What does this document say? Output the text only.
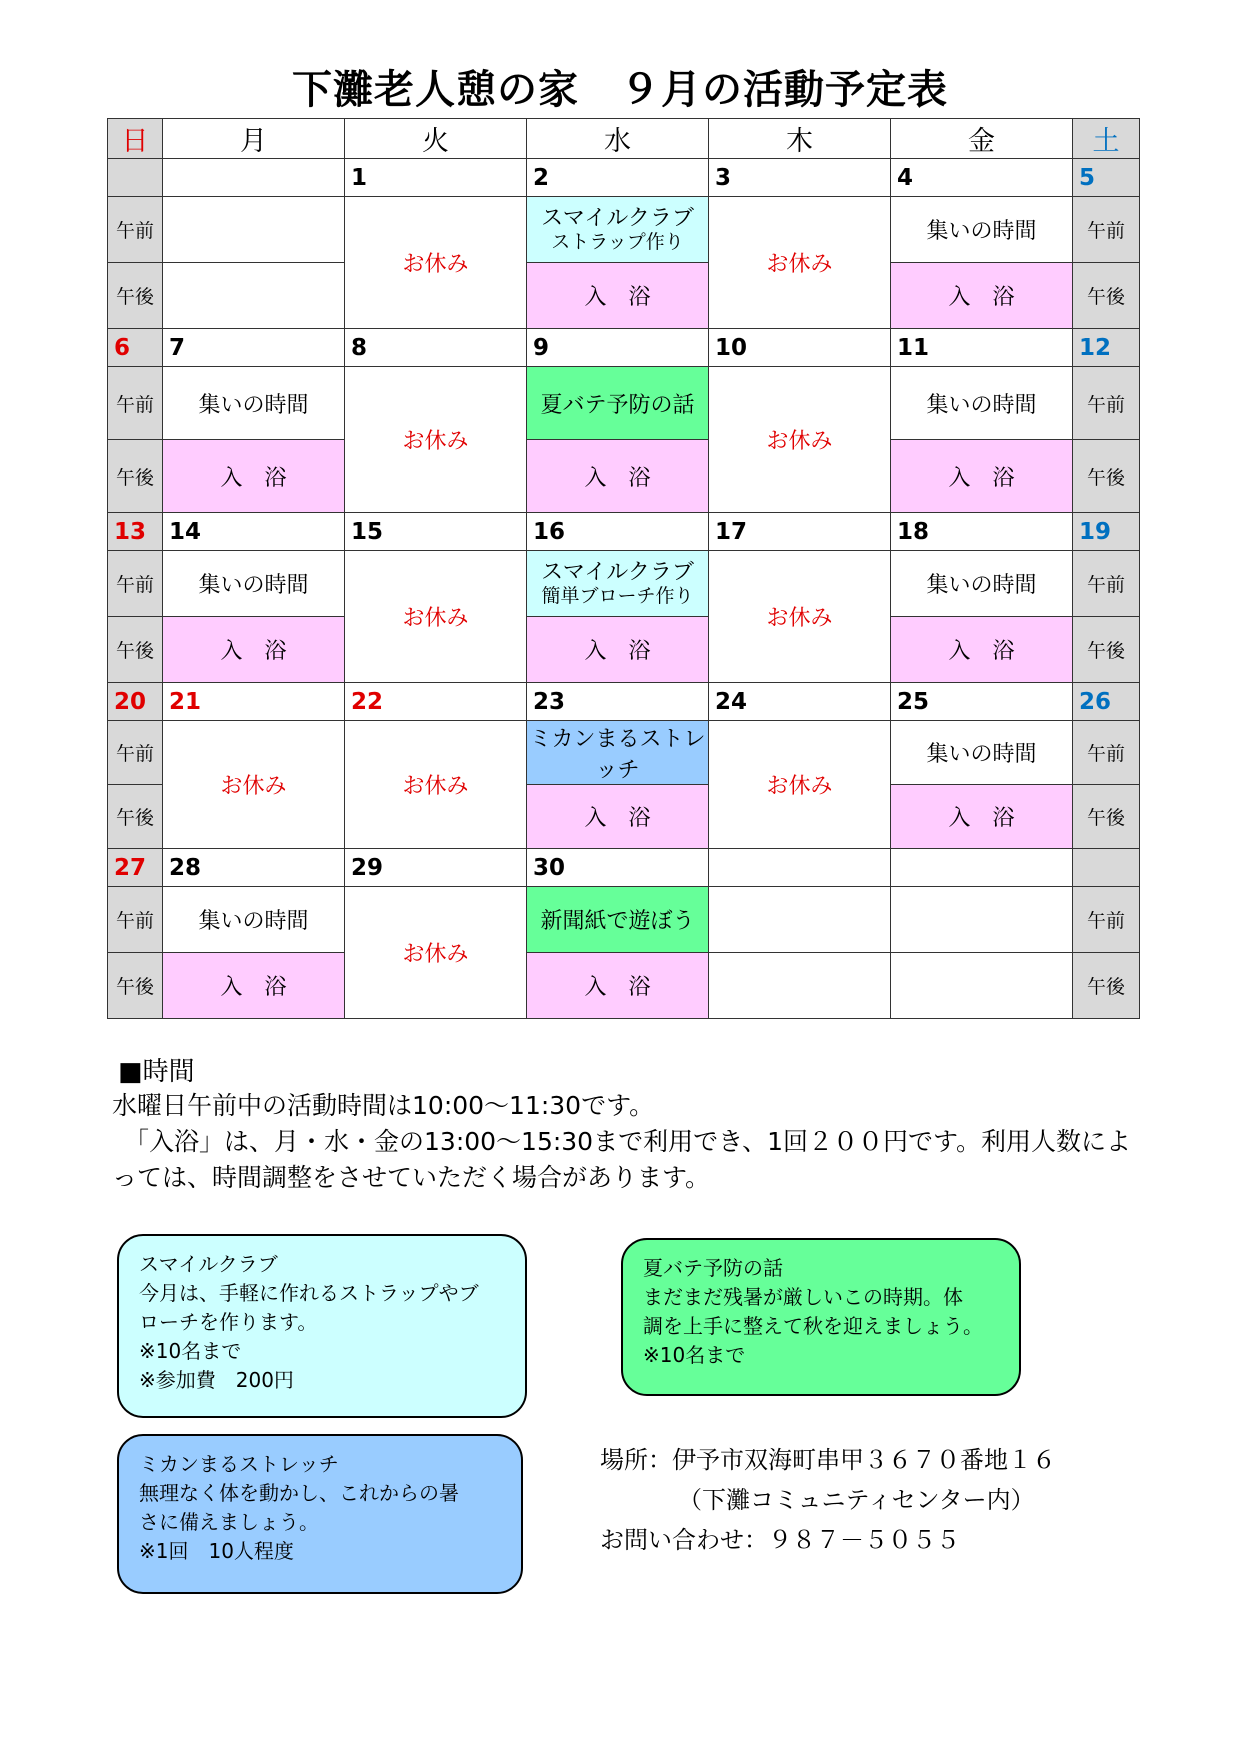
下灘老人憩の家　９月の活動予定表
日	月	火	水	木	金	土
		1	2	3	4	5
午前		お休み	スマイルクラブ
ストラップ作り	お休み	集いの時間	午前
午後			入　浴		入　浴	午後
6	7	8	9	10	11	12
午前	集いの時間	お休み	夏バテ予防の話	お休み	集いの時間	午前
午後	入　浴		入　浴		入　浴	午後
13	14	15	16	17	18	19
午前	集いの時間	お休み	スマイルクラブ
簡単ブローチ作り	お休み	集いの時間	午前
午後	入　浴		入　浴		入　浴	午後
20	21	22	23	24	25	26
午前	お休み	お休み	ミカンまるストレッチ	お休み	集いの時間	午前
午後			入　浴		入　浴	午後
27	28	29	30			
午前	集いの時間	お休み	新聞紙で遊ぼう			午前
午後	入　浴		入　浴			午後
■時間
水曜日午前中の活動時間は10:00～11:30です。
「入浴」は、月・水・金の13:00～15:30まで利用でき、1回２００円です。利用人数によっては、時間調整をさせていただく場合があります。
スマイルクラブ
今月は、手軽に作れるストラップやブ
ローチを作ります。
※10名まで
※参加費　200円
夏バテ予防の話
まだまだ残暑が厳しいこの時期。体
調を上手に整えて秋を迎えましょう。
※10名まで
ミカンまるストレッチ
無理なく体を動かし、これからの暑
さに備えましょう。
※1回　10人程度
場所：伊予市双海町串甲３６７０番地１６
（下灘コミュニティセンター内）
お問い合わせ：９８７－５０５５
